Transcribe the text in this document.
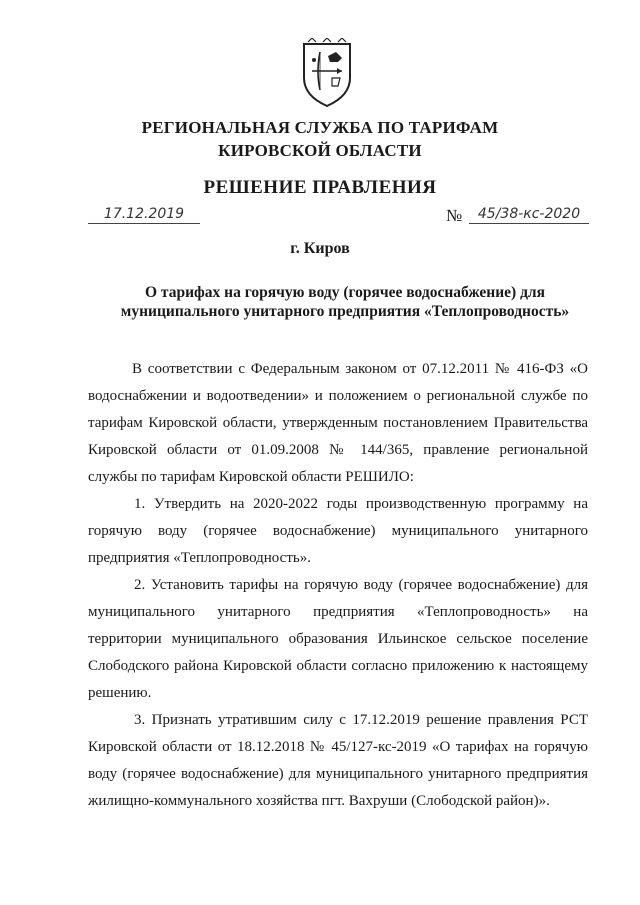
РЕГИОНАЛЬНАЯ СЛУЖБА ПО ТАРИФАМ
КИРОВСКОЙ ОБЛАСТИ
РЕШЕНИЕ ПРАВЛЕНИЯ
17.12.2019	№	45/38-кс-2020
г. Киров
О тарифах на горячую воду (горячее водоснабжение) для
муниципального унитарного предприятия «Теплопроводность»

В соответствии с Федеральным законом от 07.12.2011 № 416-ФЗ «О водоснабжении и водоотведении» и положением о региональной службе по тарифам Кировской области, утвержденным постановлением Правительства Кировской области от 01.09.2008 № 144/365, правление региональной службы по тарифам Кировской области РЕШИЛО:

1. Утвердить на 2020-2022 годы производственную программу на горячую воду (горячее водоснабжение) муниципального унитарного предприятия «Теплопроводность».

2. Установить тарифы на горячую воду (горячее водоснабжение) для муниципального унитарного предприятия «Теплопроводность» на территории муниципального образования Ильинское сельское поселение Слободского района Кировской области согласно приложению к настоящему решению.

3. Признать утратившим силу с 17.12.2019 решение правления РСТ Кировской области от 18.12.2018 № 45/127-кс-2019 «О тарифах на горячую воду (горячее водоснабжение) для муниципального унитарного предприятия жилищно-коммунального хозяйства пгт. Вахруши (Слободской район)».
